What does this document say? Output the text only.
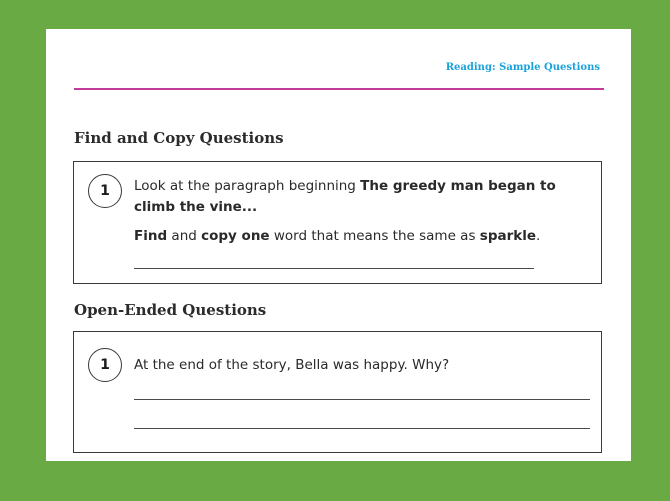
Reading: Sample Questions
Find and Copy Questions
1	Look at the paragraph beginning The greedy man began to climb the vine...
Find and copy one word that means the same as sparkle.
Open-Ended Questions
1	At the end of the story, Bella was happy. Why?
